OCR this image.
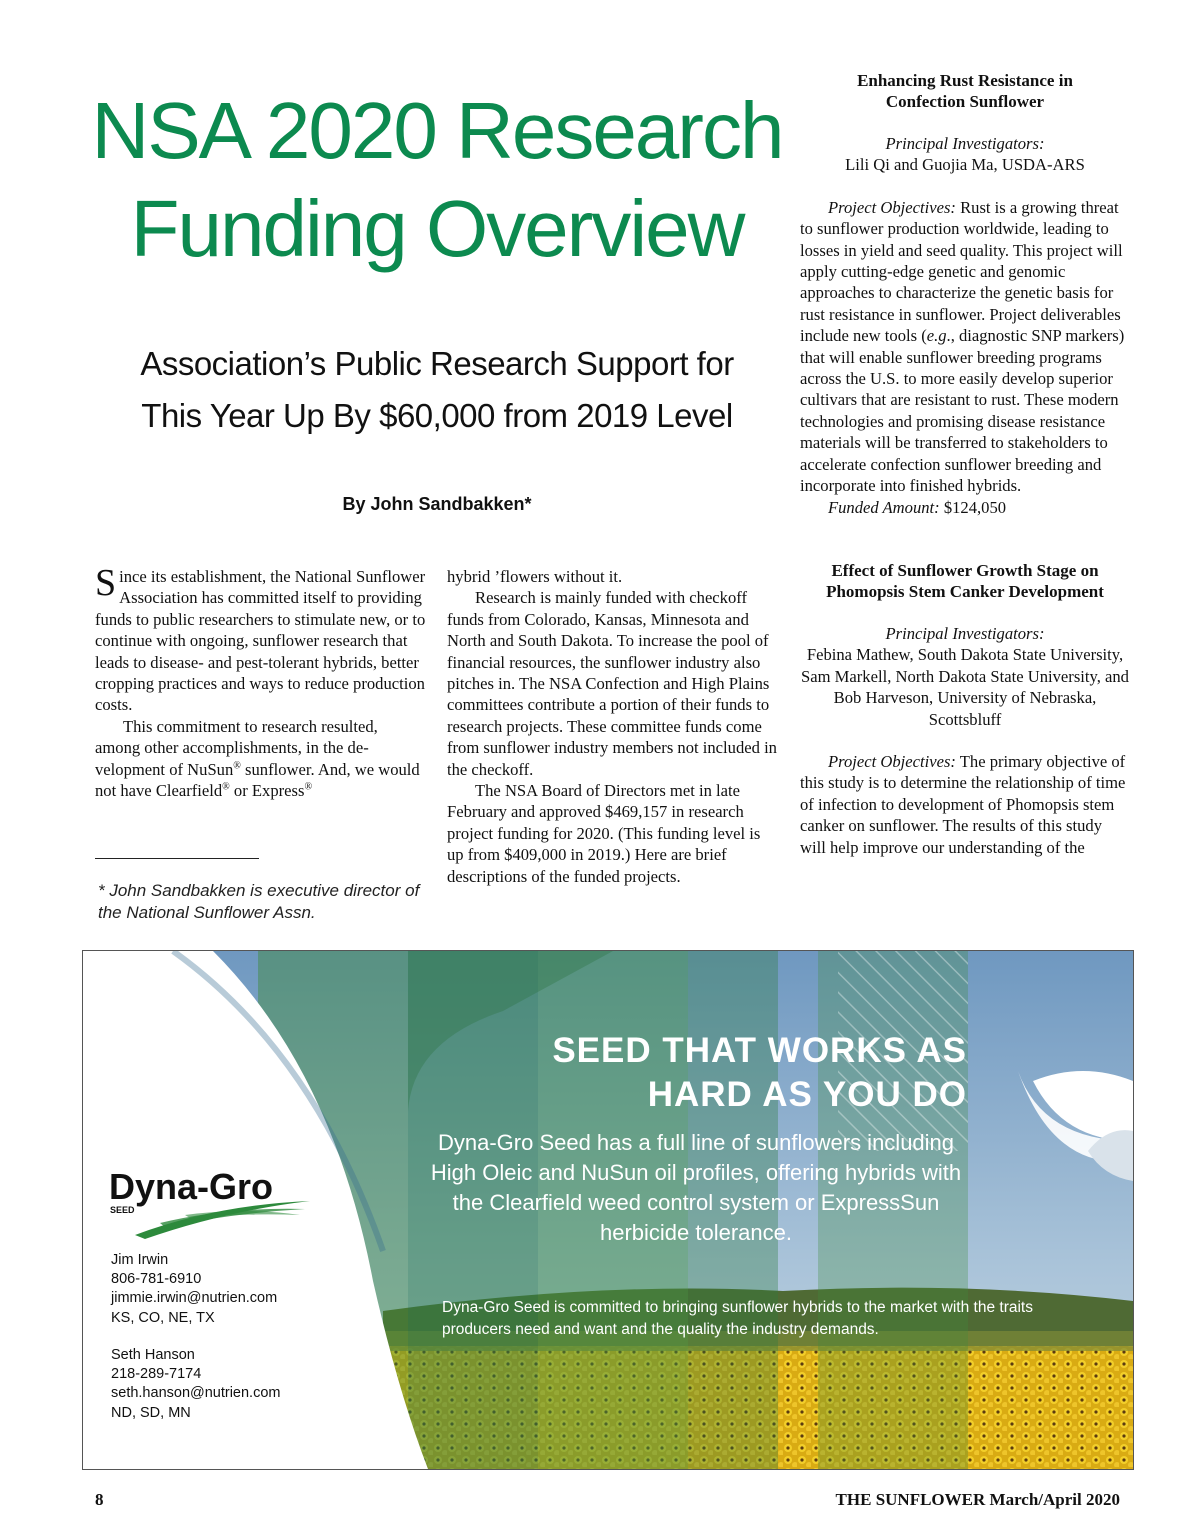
NSA 2020 Research
Funding Overview
Association’s Public Research Support for
This Year Up By $60,000 from 2019 Level
By John Sandbakken*

Since its establishment, the National Sunflower Association has committed itself to providing funds to public researchers to stimulate new, or to continue with ongoing, sunflower research that leads to disease- and pest-tolerant hybrids, better cropping practices and ways to reduce production costs.

This commitment to research resulted, among other accomplishments, in the development of NuSun® sunflower. And, we would not have Clearfield® or Express®

* John Sandbakken is executive director of the National Sunflower Assn.

hybrid ’flowers without it.

Research is mainly funded with checkoff funds from Colorado, Kansas, Minnesota and North and South Dakota. To increase the pool of financial resources, the sunflower industry also pitches in. The NSA Confection and High Plains committees contribute a portion of their funds to research projects. These committee funds come from sunflower industry members not included in the checkoff.

The NSA Board of Directors met in late February and approved $469,157 in research project funding for 2020. (This funding level is up from $409,000 in 2019.) Here are brief descriptions of the funded projects.

Enhancing Rust Resistance in
Confection Sunflower

Principal Investigators:

Lili Qi and Guojia Ma, USDA-ARS

Project Objectives: Rust is a growing threat to sunflower production worldwide, leading to losses in yield and seed quality. This project will apply cutting-edge genetic and genomic approaches to characterize the genetic basis for rust resistance in sunflower. Project deliverables include new tools (e.g., diagnostic SNP markers) that will enable sunflower breeding programs across the U.S. to more easily develop superior cultivars that are resistant to rust. These modern technologies and promising disease resistance materials will be transferred to stakeholders to accelerate confection sunflower breeding and incorporate into finished hybrids.

Funded Amount: $124,050

Effect of Sunflower Growth Stage on
Phomopsis Stem Canker Development

Principal Investigators:

Febina Mathew, South Dakota State University, Sam Markell, North Dakota State University, and Bob Harveson, University of Nebraska, Scottsbluff

Project Objectives: The primary objective of this study is to determine the relationship of time of infection to development of Phomopsis stem canker on sunflower. The results of this study will help improve our understanding of the

SEED THAT WORKS AS
HARD AS YOU DO
Dyna-Gro Seed has a full line of sunflowers including High Oleic and NuSun oil profiles, offering hybrids with the Clearfield weed control system or ExpressSun herbicide tolerance.
Dyna-Gro Seed is committed to bringing sunflower hybrids to the market with the traits producers need and want and the quality the industry demands.
Dyna-Gro
SEED
Jim Irwin
806-781-6910
jimmie.irwin@nutrien.com
KS, CO, NE, TX
Seth Hanson
218-289-7174
seth.hanson@nutrien.com
ND, SD, MN
8	THE SUNFLOWER March/April 2020
